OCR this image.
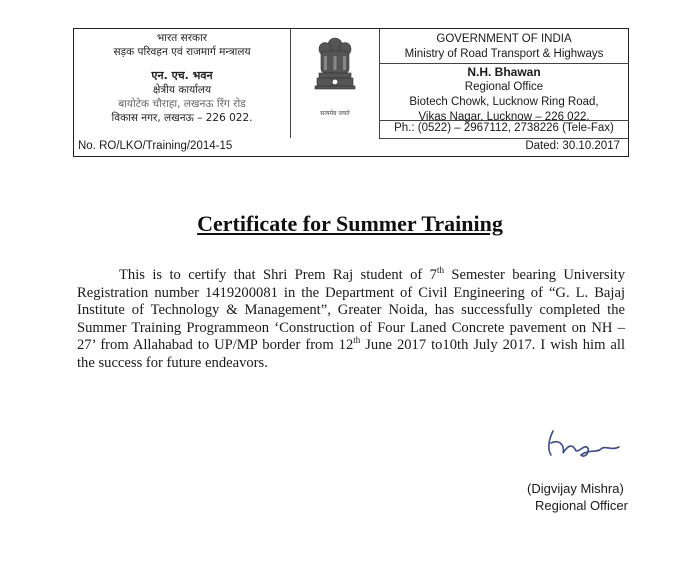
भारत सरकार
सड़क परिवहन एवं राजमार्ग मन्त्रालय
एन. एच. भवन
क्षेत्रीय कार्यालय
बायोटेक चौराहा, लखनऊ रिंग रोड
विकास नगर, लखनऊ – 226 022.	सत्यमेव जयते
GOVERNMENT OF INDIA
Ministry of Road Transport & Highways
N.H. Bhawan
Regional Office
Biotech Chowk, Lucknow Ring Road,
Vikas Nagar, Lucknow – 226 022.
Ph.: (0522) – 2967112, 2738226 (Tele-Fax)
No. RO/LKO/Training/2014-15	Dated: 30.10.2017
Certificate for Summer Training
This is to certify that Shri Prem Raj student of 7th Semester bearing University Registration number 1419200081 in the Department of Civil Engineering of “G. L. Bajaj Institute of Technology & Management”, Greater Noida, has successfully completed the Summer Training Programmeon ‘Construction of Four Laned Concrete pavement on NH – 27’ from Allahabad to UP/MP border from 12th June 2017 to10th July 2017. I wish him all the success for future endeavors.
(Digvijay Mishra)
Regional Officer
